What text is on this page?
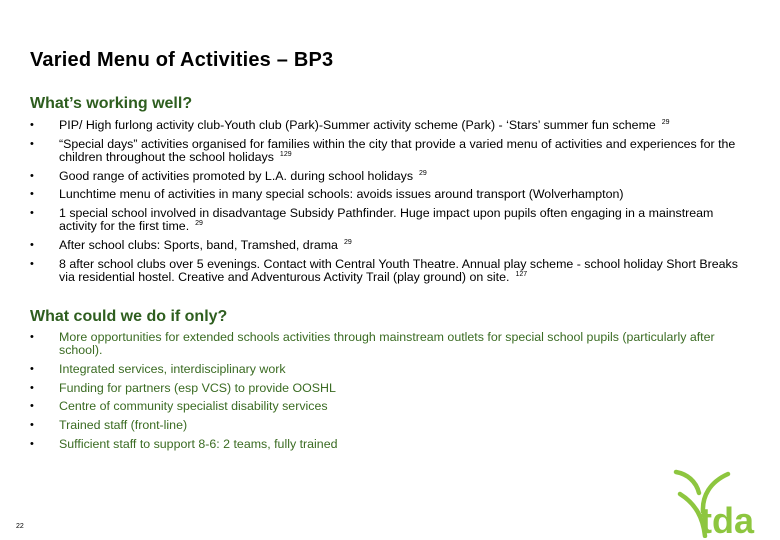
Varied Menu of Activities – BP3
What’s working well?
• PIP/ High furlong activity club-Youth club (Park)-Summer activity scheme (Park) - ‘Stars’ summer fun scheme $^{29}$
• “Special days” activities organised for families within the city that provide a varied menu of activities and experiences for the children throughout the school holidays $^{129}$
• Good range of activities promoted by L.A. during school holidays $^{29}$
• Lunchtime menu of activities in many special schools: avoids issues around transport (Wolverhampton)
• 1 special school involved in disadvantage Subsidy Pathfinder. Huge impact upon pupils often engaging in a mainstream activity for the first time. $^{29}$
• After school clubs: Sports, band, Tramshed, drama $^{29}$
• 8 after school clubs over 5 evenings. Contact with Central Youth Theatre. Annual play scheme - school holiday Short Breaks via residential hostel. Creative and Adventurous Activity Trail (play ground) on site. $^{127}$
What could we do if only?
• More opportunities for extended schools activities through mainstream outlets for special school pupils (particularly after school).
• Integrated services, interdisciplinary work
• Funding for partners (esp VCS) to provide OOSHL
• Centre of community specialist disability services
• Trained staff (front-line)
• Sufficient staff to support 8-6: 2 teams, fully trained
22	tda
